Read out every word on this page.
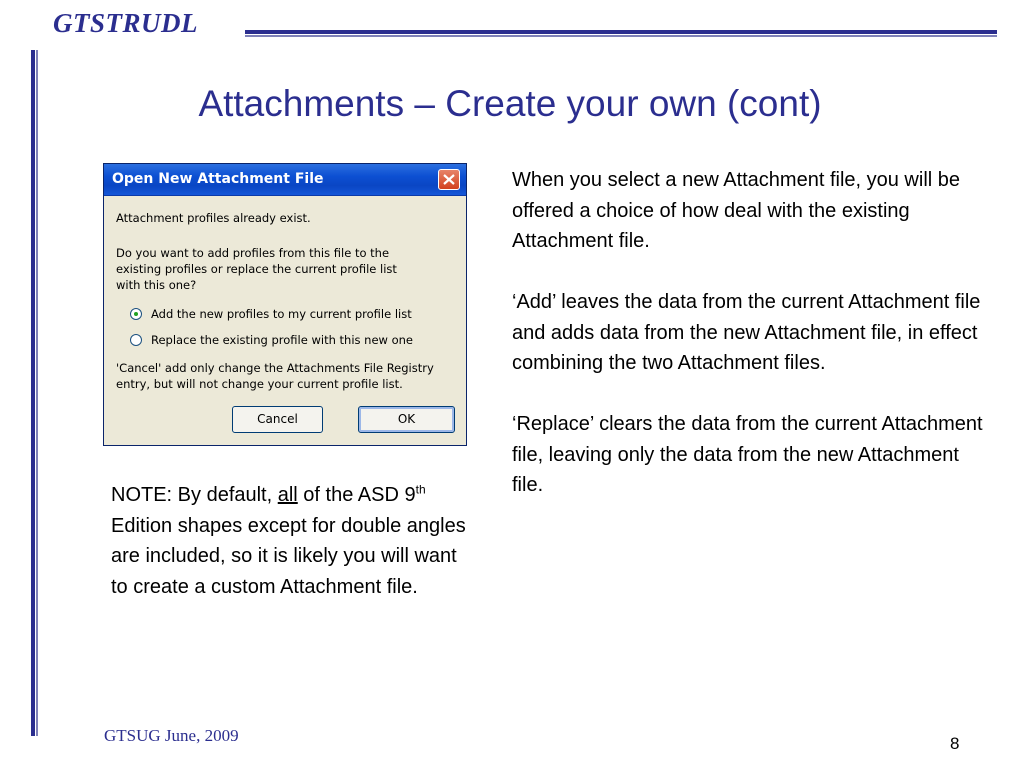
GTSTRUDL
Attachments – Create your own (cont)
Open New Attachment File
Attachment profiles already exist.
Do you want to add profiles from this file to the
existing profiles or replace the current profile list
with this one?
Add the new profiles to my current profile list
Replace the existing profile with this new one
'Cancel' add only change the Attachments File Registry
entry, but will not change your current profile list.
Cancel	OK

When you select a new Attachment file, you will be offered a choice of how deal with the existing Attachment file.

‘Add’ leaves the data from the current Attachment file and adds data from the new Attachment file, in effect combining the two Attachment files.

‘Replace’ clears the data from the current Attachment file, leaving only the data from the new Attachment file.

NOTE: By default, all of the ASD 9th Edition shapes except for double angles are included, so it is likely you will want to create a custom Attachment file.
GTSUG June, 2009	8
